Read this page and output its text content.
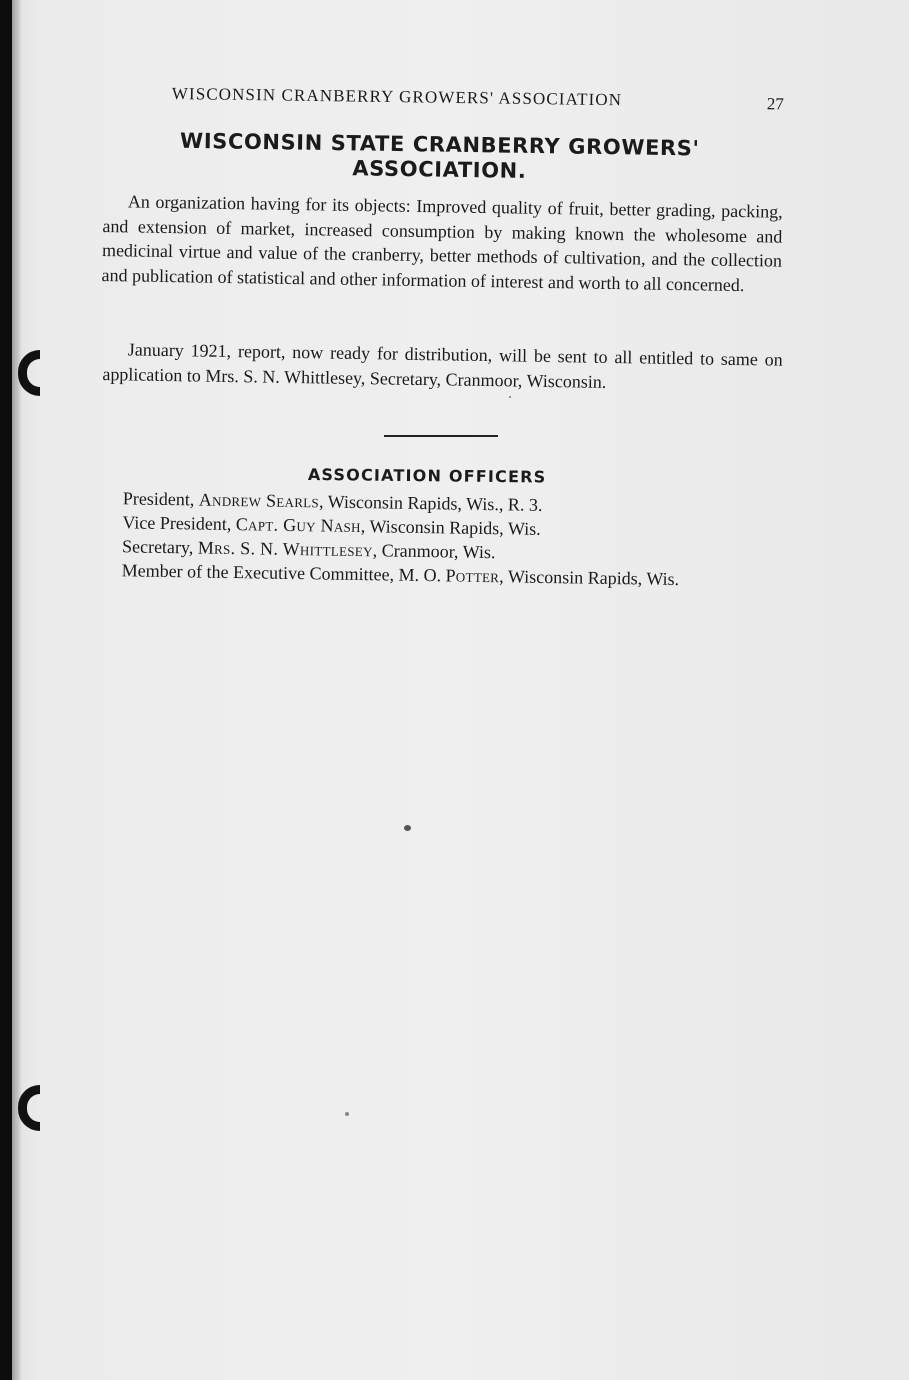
WISCONSIN CRANBERRY GROWERS' ASSOCIATION	27
WISCONSIN STATE CRANBERRY GROWERS'
ASSOCIATION.

An organization having for its objects: Improved quality of fruit, better grading, packing, and extension of market, increased consumption by making known the wholesome and medicinal virtue and value of the cranberry, better methods of cultivation, and the collection and publication of statistical and other information of interest and worth to all concerned.

January 1921, report, now ready for distribution, will be sent to all entitled to same on application to Mrs. S. N. Whittlesey, Secretary, Cranmoor, Wisconsin.

ASSOCIATION OFFICERS
President, Andrew Searls, Wisconsin Rapids, Wis., R. 3.
Vice President, Capt. Guy Nash, Wisconsin Rapids, Wis.
Secretary, Mrs. S. N. Whittlesey, Cranmoor, Wis.
Member of the Executive Committee, M. O. Potter, Wisconsin Rapids, Wis.
